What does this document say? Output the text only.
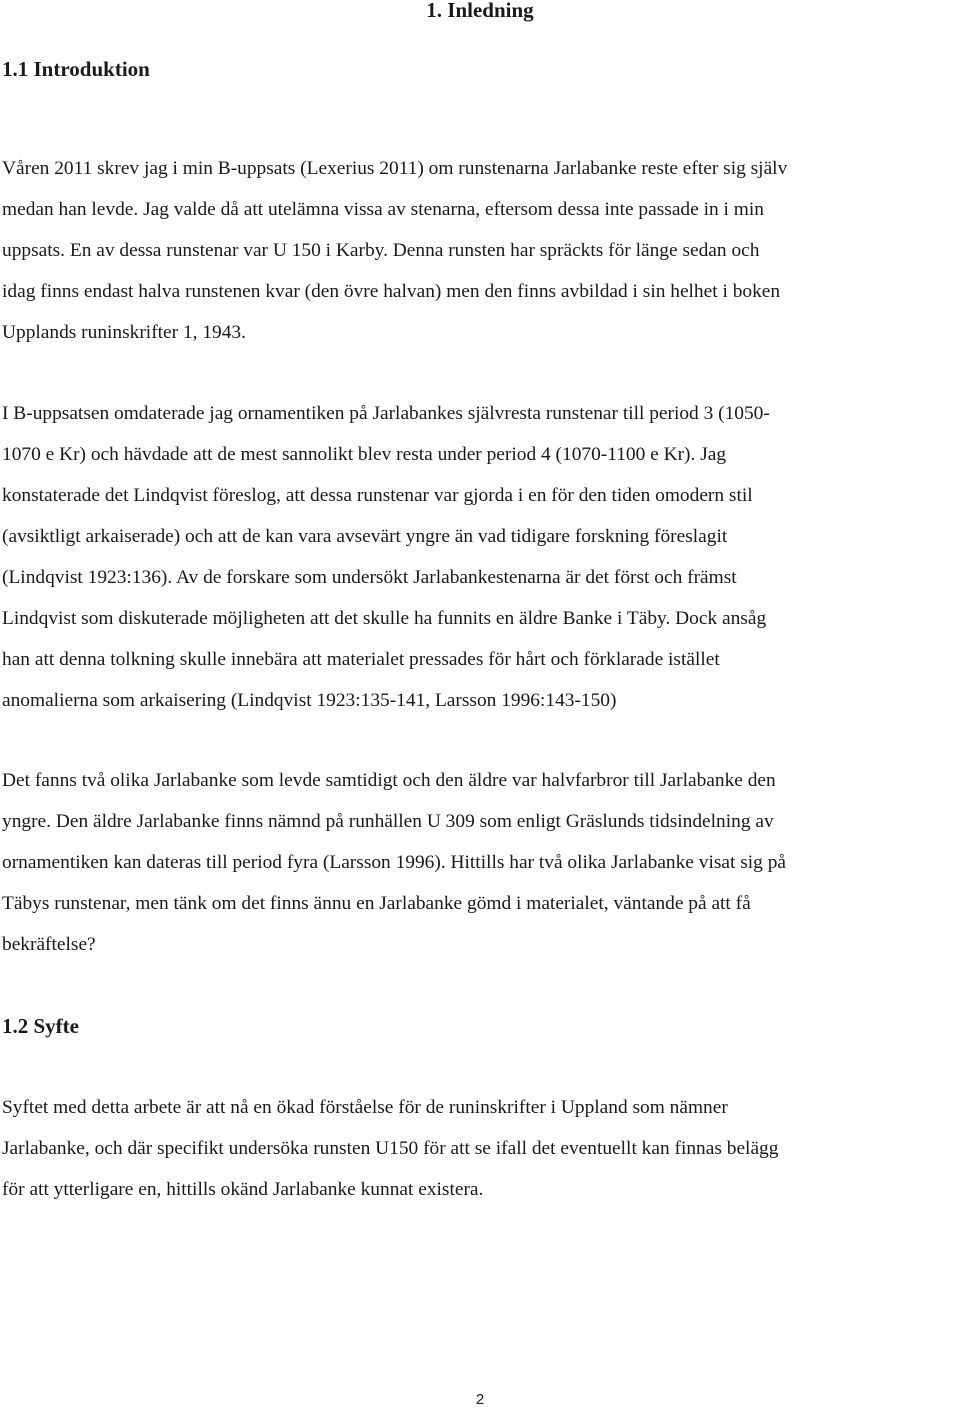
1. Inledning
1.1 Introduktion

Våren 2011 skrev jag i min B-uppsats (Lexerius 2011) om runstenarna Jarlabanke reste efter sig själv
medan han levde. Jag valde då att utelämna vissa av stenarna, eftersom dessa inte passade in i min
uppsats. En av dessa runstenar var U 150 i Karby. Denna runsten har spräckts för länge sedan och
idag finns endast halva runstenen kvar (den övre halvan) men den finns avbildad i sin helhet i boken
Upplands runinskrifter 1, 1943.

I B-uppsatsen omdaterade jag ornamentiken på Jarlabankes självresta runstenar till period 3 (1050-
1070 e Kr) och hävdade att de mest sannolikt blev resta under period 4 (1070-1100 e Kr). Jag
konstaterade det Lindqvist föreslog, att dessa runstenar var gjorda i en för den tiden omodern stil
(avsiktligt arkaiserade) och att de kan vara avsevärt yngre än vad tidigare forskning föreslagit
(Lindqvist 1923:136). Av de forskare som undersökt Jarlabankestenarna är det först och främst
Lindqvist som diskuterade möjligheten att det skulle ha funnits en äldre Banke i Täby. Dock ansåg
han att denna tolkning skulle innebära att materialet pressades för hårt och förklarade istället
anomalierna som arkaisering (Lindqvist 1923:135-141, Larsson 1996:143-150)

Det fanns två olika Jarlabanke som levde samtidigt och den äldre var halvfarbror till Jarlabanke den
yngre. Den äldre Jarlabanke finns nämnd på runhällen U 309 som enligt Gräslunds tidsindelning av
ornamentiken kan dateras till period fyra (Larsson 1996). Hittills har två olika Jarlabanke visat sig på
Täbys runstenar, men tänk om det finns ännu en Jarlabanke gömd i materialet, väntande på att få
bekräftelse?

1.2 Syfte

Syftet med detta arbete är att nå en ökad förståelse för de runinskrifter i Uppland som nämner
Jarlabanke, och där specifikt undersöka runsten U150 för att se ifall det eventuellt kan finnas belägg
för att ytterligare en, hittills okänd Jarlabanke kunnat existera.

2
